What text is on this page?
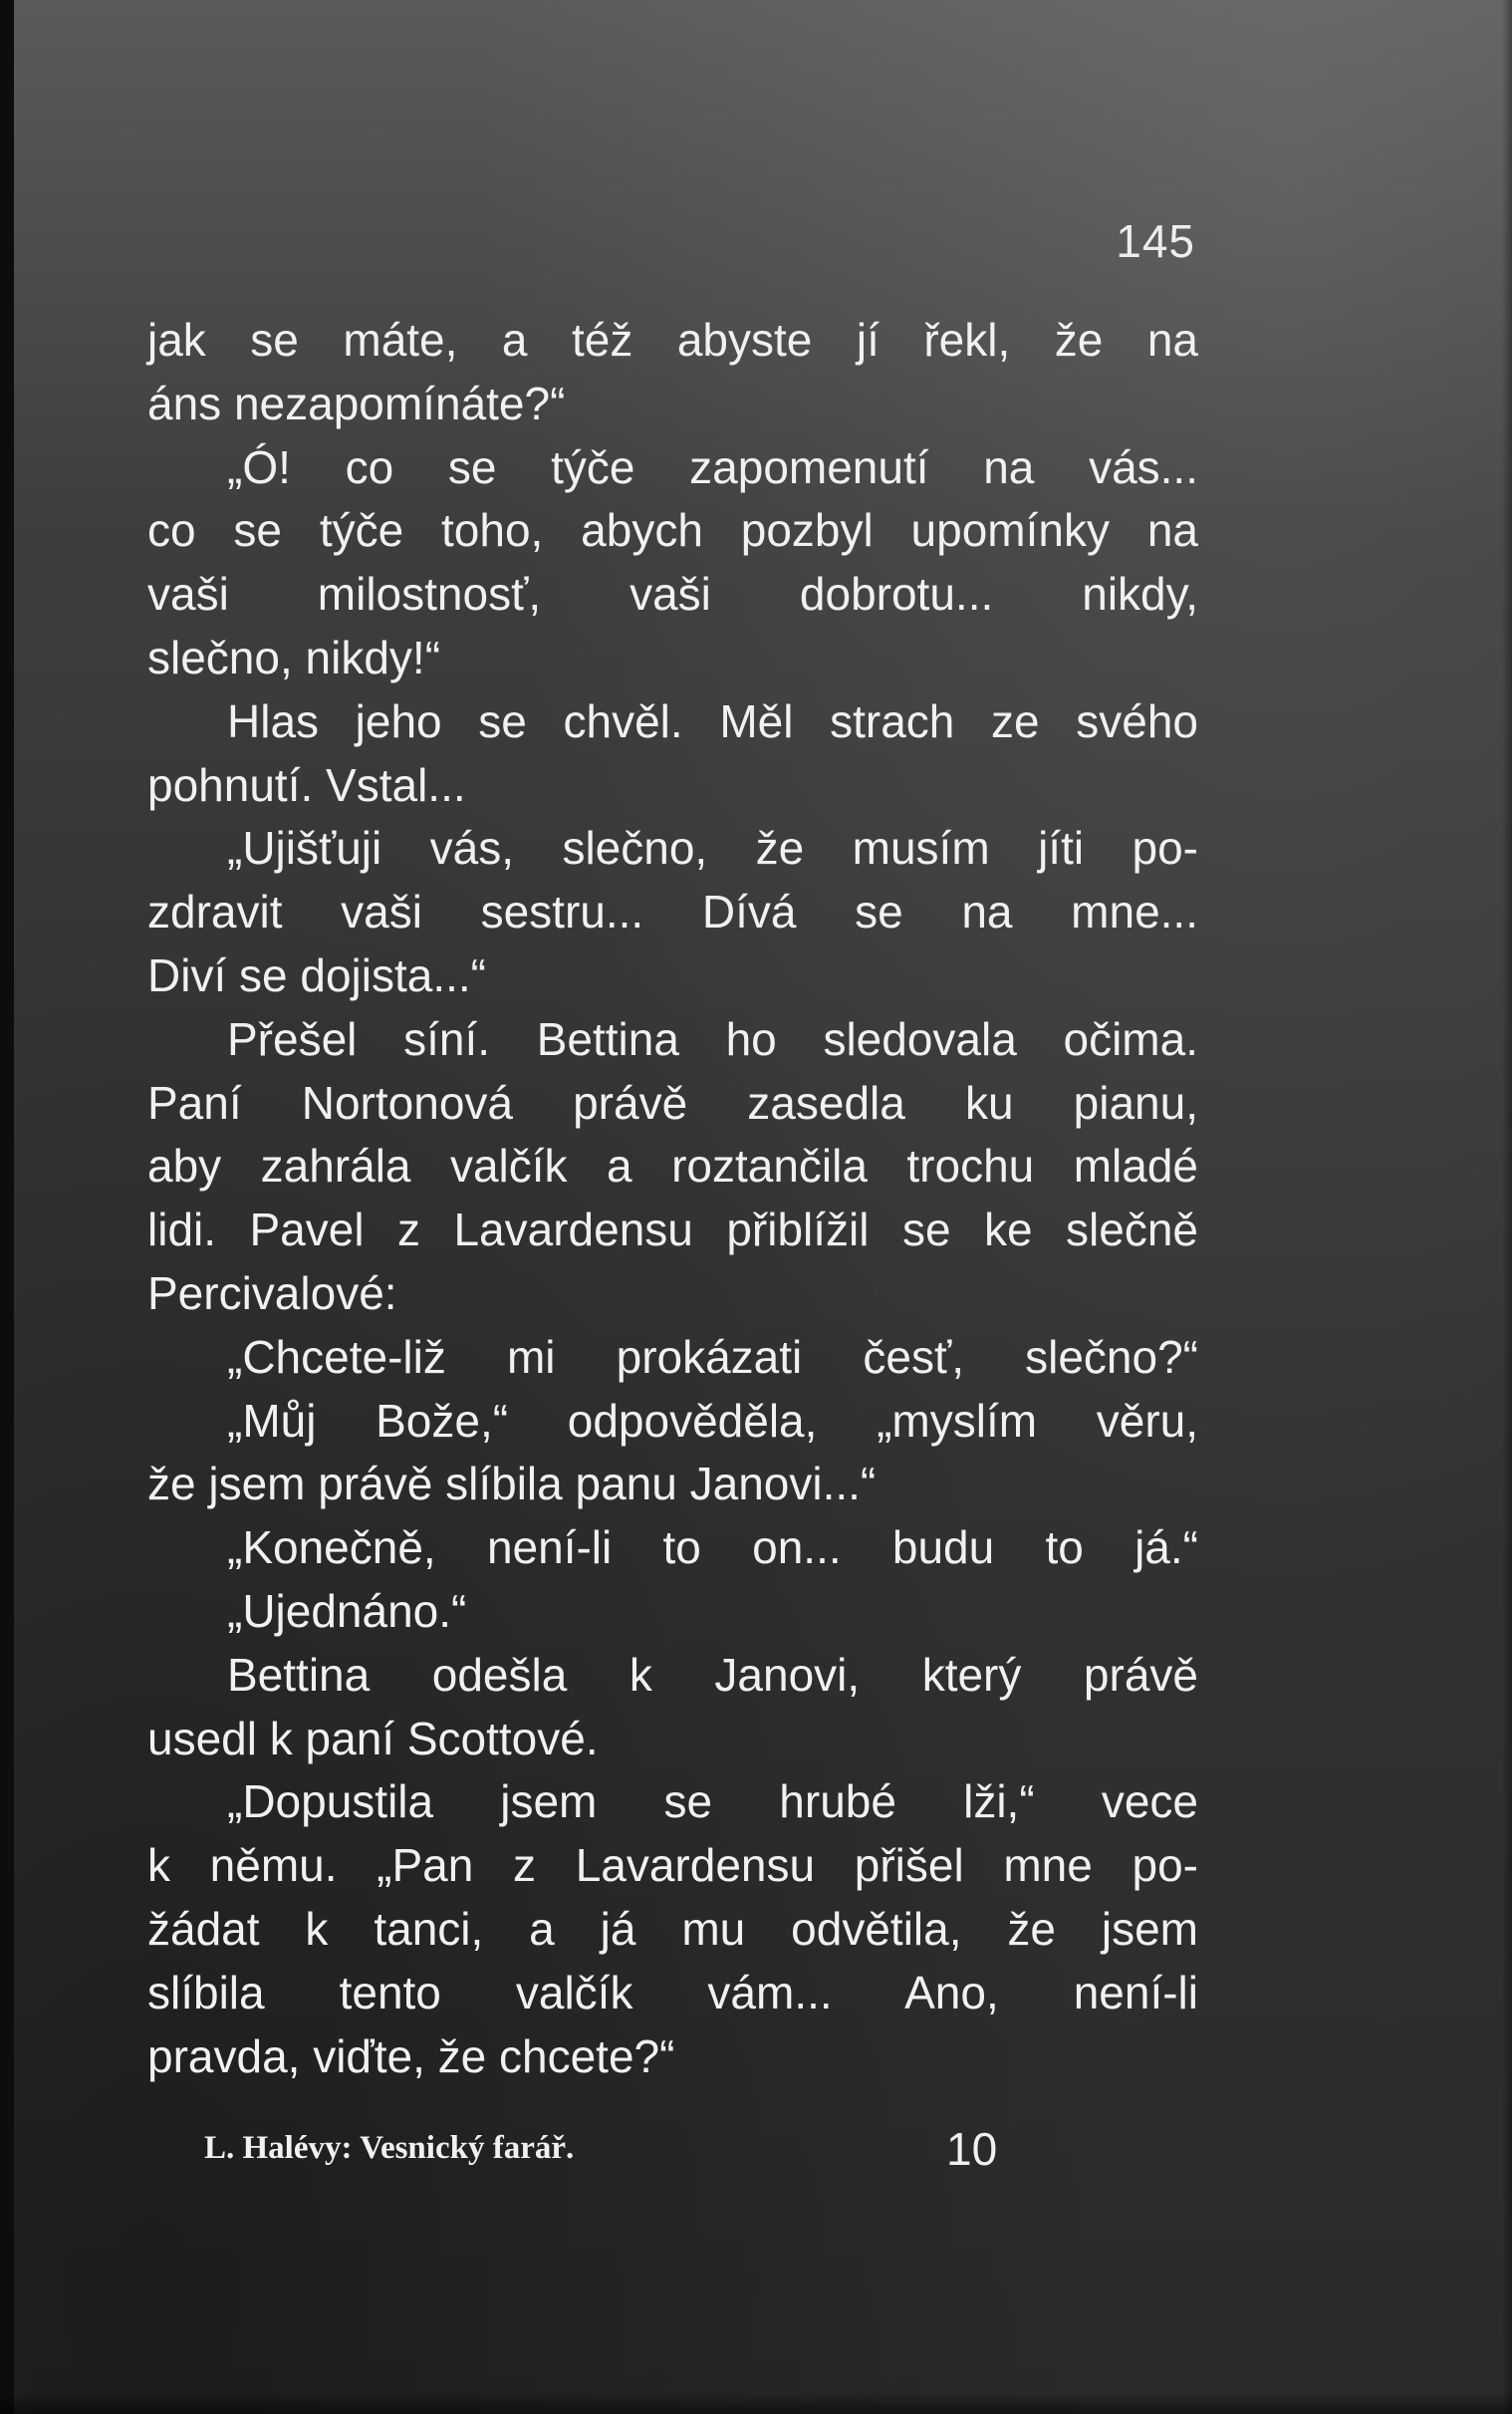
145
jak se máte, a též abyste jí řekl, že na
áns nezapomínáte?“
„Ó! co se týče zapomenutí na vás...
co se týče toho, abych pozbyl upomínky na
vaši milostnosť, vaši dobrotu... nikdy,
slečno, nikdy!“
Hlas jeho se chvěl. Měl strach ze svého
pohnutí. Vstal...
„Ujišťuji vás, slečno, že musím jíti po-
zdravit vaši sestru... Dívá se na mne...
Diví se dojista...“
Přešel síní. Bettina ho sledovala očima.
Paní Nortonová právě zasedla ku pianu,
aby zahrála valčík a roztančila trochu mladé
lidi. Pavel z Lavardensu přiblížil se ke slečně
Percivalové:
„Chcete-liž mi prokázati česť, slečno?“
„Můj Bože,“ odpověděla, „myslím věru,
že jsem právě slíbila panu Janovi...“
„Konečně, není-li to on... budu to já.“
„Ujednáno.“
Bettina odešla k Janovi, který právě
usedl k paní Scottové.
„Dopustila jsem se hrubé lži,“ vece
k němu. „Pan z Lavardensu přišel mne po-
žádat k tanci, a já mu odvětila, že jsem
slíbila tento valčík vám... Ano, není-li
pravda, viďte, že chcete?“
L. Halévy: Vesnický farář.	10
